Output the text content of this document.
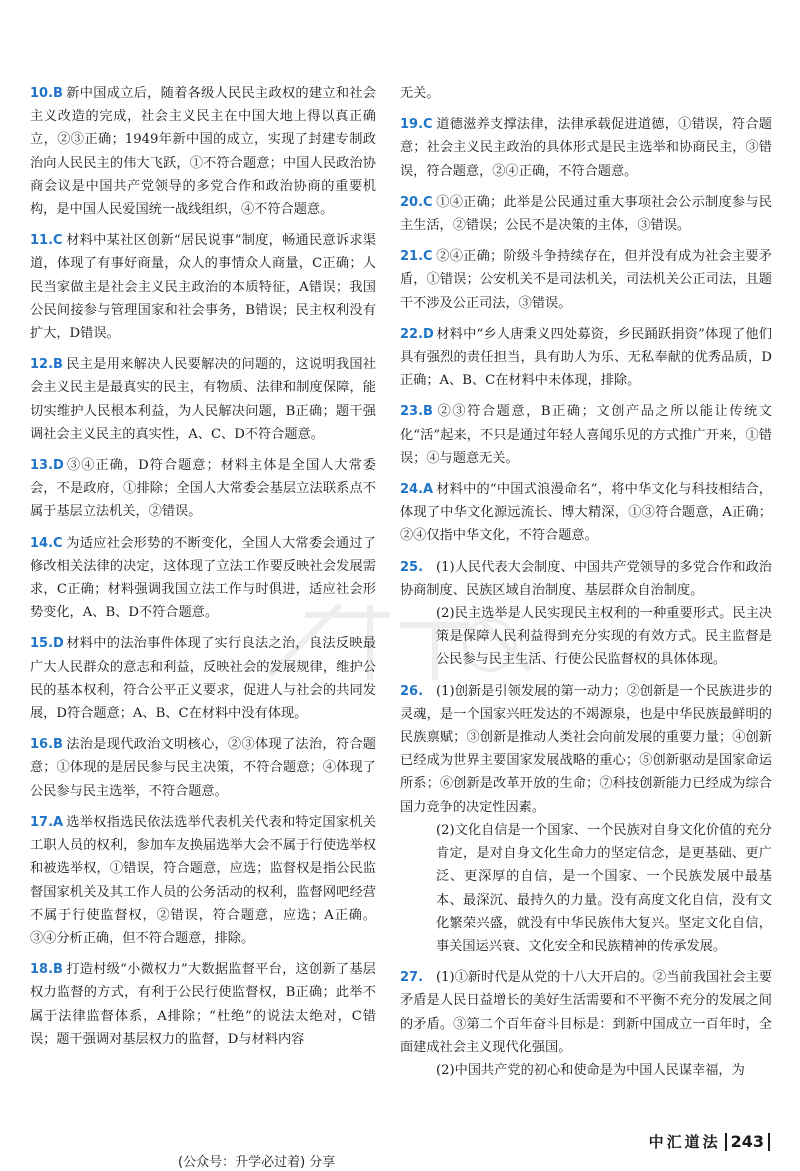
10.B 新中国成立后，随着各级人民民主政权的建立和社会主义改造的完成，社会主义民主在中国大地上得以真正确立，②③正确；1949年新中国的成立，实现了封建专制政治向人民民主的伟大飞跃，①不符合题意；中国人民政治协商会议是中国共产党领导的多党合作和政治协商的重要机构，是中国人民爱国统一战线组织，④不符合题意。
11.C 材料中某社区创新“居民说事”制度，畅通民意诉求渠道，体现了有事好商量，众人的事情众人商量，C正确；人民当家做主是社会主义民主政治的本质特征，A错误；我国公民间接参与管理国家和社会事务，B错误；民主权利没有扩大，D错误。
12.B 民主是用来解决人民要解决的问题的，这说明我国社会主义民主是最真实的民主，有物质、法律和制度保障，能切实维护人民根本利益，为人民解决问题，B正确；题干强调社会主义民主的真实性，A、C、D不符合题意。
13.D ③④正确，D符合题意；材料主体是全国人大常委会，不是政府，①排除；全国人大常委会基层立法联系点不属于基层立法机关，②错误。
14.C 为适应社会形势的不断变化，全国人大常委会通过了修改相关法律的决定，这体现了立法工作要反映社会发展需求，C正确；材料强调我国立法工作与时俱进，适应社会形势变化，A、B、D不符合题意。
15.D 材料中的法治事件体现了实行良法之治，良法反映最广大人民群众的意志和利益，反映社会的发展规律，维护公民的基本权利，符合公平正义要求，促进人与社会的共同发展，D符合题意；A、B、C在材料中没有体现。
16.B 法治是现代政治文明核心，②③体现了法治，符合题意；①体现的是居民参与民主决策，不符合题意；④体现了公民参与民主选举，不符合题意。
17.A 选举权指选民依法选举代表机关代表和特定国家机关工职人员的权利，参加车友换届选举大会不属于行使选举权和被选举权，①错误，符合题意，应选；监督权是指公民监督国家机关及其工作人员的公务活动的权利，监督网吧经营不属于行使监督权，②错误，符合题意，应选；A正确。③④分析正确，但不符合题意，排除。
18.B 打造村级“小微权力”大数据监督平台，这创新了基层权力监督的方式，有利于公民行使监督权，B正确；此举不属于法律监督体系，A排除；“杜绝”的说法太绝对，C错误；题干强调对基层权力的监督，D与材料内容
无关。
19.C 道德滋养支撑法律，法律承载促进道德，①错误，符合题意；社会主义民主政治的具体形式是民主选举和协商民主，③错误，符合题意，②④正确，不符合题意。
20.C ①④正确；此举是公民通过重大事项社会公示制度参与民主生活，②错误；公民不是决策的主体，③错误。
21.C ②④正确；阶级斗争持续存在，但并没有成为社会主要矛盾，①错误；公安机关不是司法机关，司法机关公正司法，且题干不涉及公正司法，③错误。
22.D 材料中“乡人唐秉义四处募资，乡民踊跃捐资”体现了他们具有强烈的责任担当，具有助人为乐、无私奉献的优秀品质，D正确；A、B、C在材料中未体现，排除。
23.B ②③符合题意，B正确；文创产品之所以能让传统文化“活”起来，不只是通过年轻人喜闻乐见的方式推广开来，①错误；④与题意无关。
24.A 材料中的“中国式浪漫命名”，将中华文化与科技相结合，体现了中华文化源远流长、博大精深，①③符合题意，A正确；②④仅指中华文化，不符合题意。

25. (1)人民代表大会制度、中国共产党领导的多党合作和政治协商制度、民族区域自治制度、基层群众自治制度。

(2)民主选举是人民实现民主权利的一种重要形式。民主决策是保障人民利益得到充分实现的有效方式。民主监督是公民参与民主生活、行使公民监督权的具体体现。

26. (1)创新是引领发展的第一动力；②创新是一个民族进步的灵魂，是一个国家兴旺发达的不竭源泉，也是中华民族最鲜明的民族禀赋；③创新是推动人类社会向前发展的重要力量；④创新已经成为世界主要国家发展战略的重心；⑤创新驱动是国家命运所系；⑥创新是改革开放的生命；⑦科技创新能力已经成为综合国力竞争的决定性因素。

(2)文化自信是一个国家、一个民族对自身文化价值的充分肯定，是对自身文化生命力的坚定信念，是更基础、更广泛、更深厚的自信，是一个国家、一个民族发展中最基本、最深沉、最持久的力量。没有高度文化自信，没有文化繁荣兴盛，就没有中华民族伟大复兴。坚定文化自信，事关国运兴衰、文化安全和民族精神的传承发展。

27. (1)①新时代是从党的十八大开启的。②当前我国社会主要矛盾是人民日益增长的美好生活需要和不平衡不充分的发展之间的矛盾。③第二个百年奋斗目标是：到新中国成立一百年时，全面建成社会主义现代化强国。

(2)中国共产党的初心和使命是为中国人民谋幸福，为

中汇道法 243
(公众号：升学必过着) 分享
